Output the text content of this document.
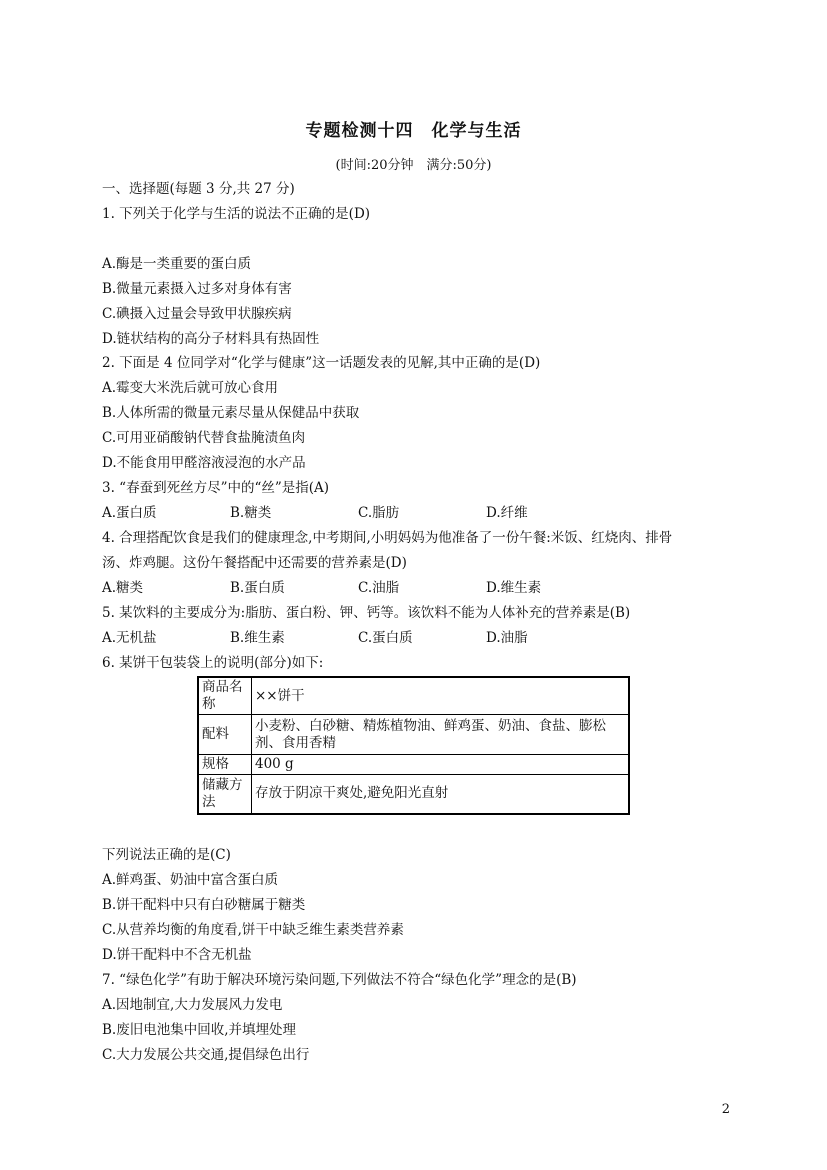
专题检测十四　化学与生活
(时间:20分钟　满分:50分)
一、选择题(每题 3 分,共 27 分)
1. 下列关于化学与生活的说法不正确的是(D)
A.酶是一类重要的蛋白质
B.微量元素摄入过多对身体有害
C.碘摄入过量会导致甲状腺疾病
D.链状结构的高分子材料具有热固性
2. 下面是 4 位同学对“化学与健康”这一话题发表的见解,其中正确的是(D)
A.霉变大米洗后就可放心食用
B.人体所需的微量元素尽量从保健品中获取
C.可用亚硝酸钠代替食盐腌渍鱼肉
D.不能食用甲醛溶液浸泡的水产品
3. “春蚕到死丝方尽”中的“丝”是指(A)
A.蛋白质	B.糖类	C.脂肪	D.纤维
4. 合理搭配饮食是我们的健康理念,中考期间,小明妈妈为他准备了一份午餐:米饭、红烧肉、排骨
汤、炸鸡腿。这份午餐搭配中还需要的营养素是(D)
A.糖类	B.蛋白质	C.油脂	D.维生素
5. 某饮料的主要成分为:脂肪、蛋白粉、钾、钙等。该饮料不能为人体补充的营养素是(B)
A.无机盐	B.维生素	C.蛋白质	D.油脂
6. 某饼干包装袋上的说明(部分)如下:
商品名称	××饼干
配料	小麦粉、白砂糖、精炼植物油、鲜鸡蛋、奶油、食盐、膨松剂、食用香精
规格	400 g
储藏方法	存放于阴凉干爽处,避免阳光直射
下列说法正确的是(C)
A.鲜鸡蛋、奶油中富含蛋白质
B.饼干配料中只有白砂糖属于糖类
C.从营养均衡的角度看,饼干中缺乏维生素类营养素
D.饼干配料中不含无机盐
7. “绿色化学”有助于解决环境污染问题,下列做法不符合“绿色化学”理念的是(B)
A.因地制宜,大力发展风力发电
B.废旧电池集中回收,并填埋处理
C.大力发展公共交通,提倡绿色出行
2
